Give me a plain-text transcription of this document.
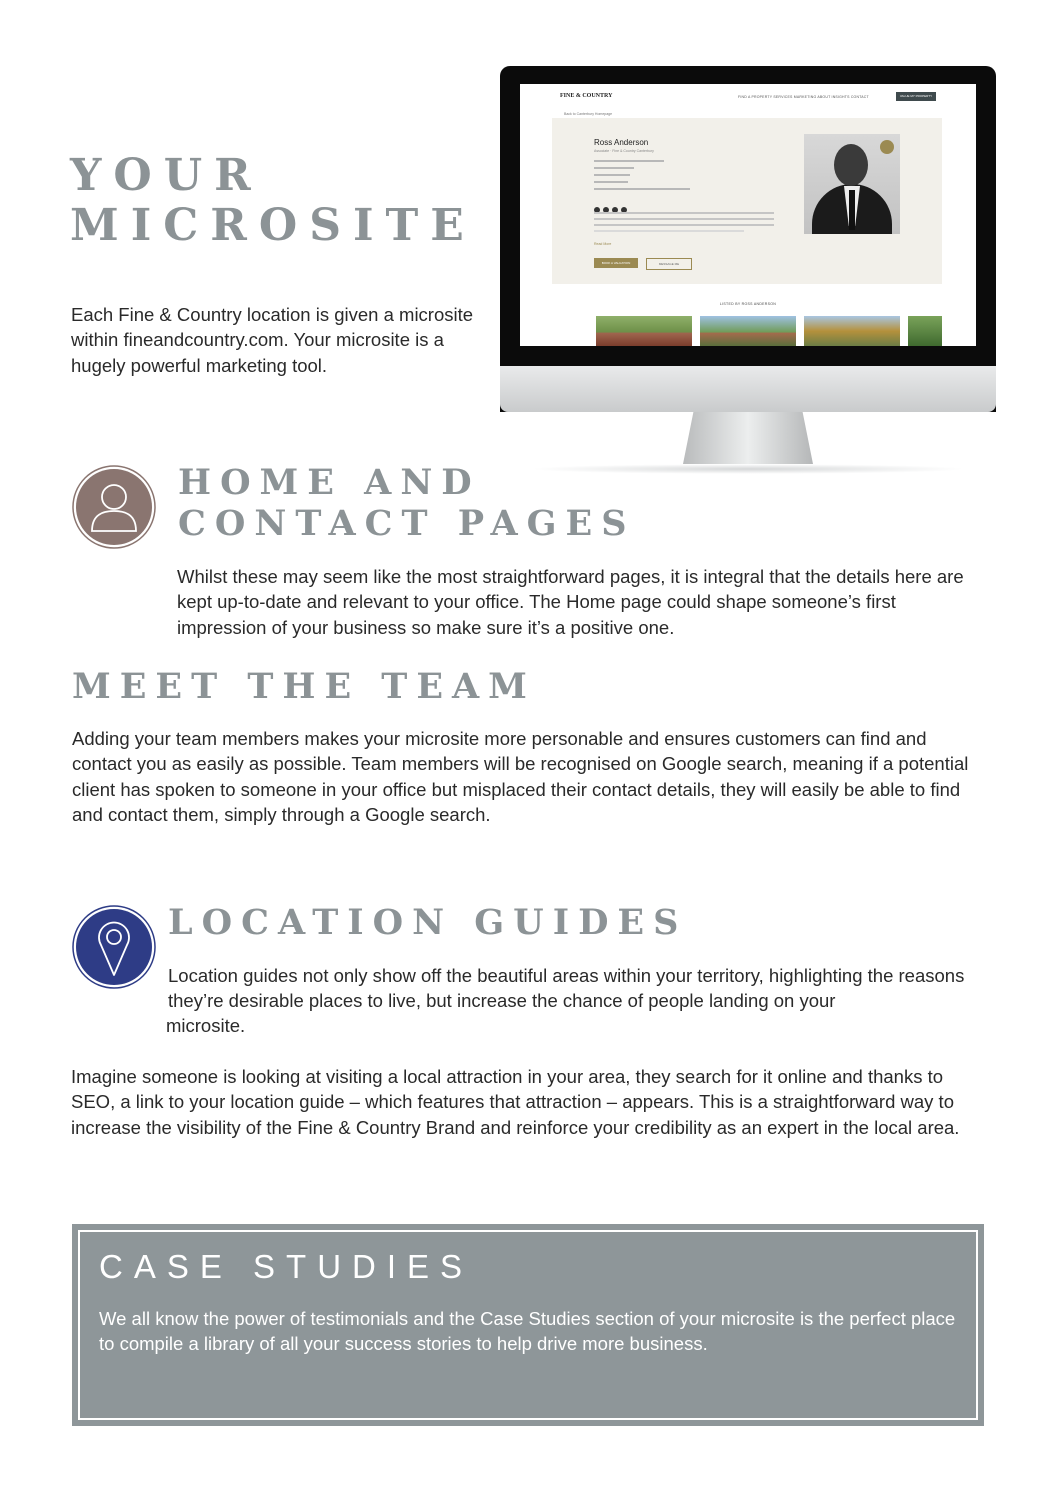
YOUR
MICROSITE
Each Fine & Country location is given a microsite within fineandcountry.com. Your microsite is a hugely powerful marketing tool.
FINE & COUNTRY	FIND A PROPERTY SERVICES MARKETING ABOUT INSIGHTS CONTACT	VALUE MY PROPERTY
Back to Canterbury Homepage
Ross Anderson
Associate · Fine & Country Canterbury
Read More
BOOK A VALUATION	MESSAGE ME
LISTED BY ROSS ANDERSON
HOME AND
CONTACT PAGES
Whilst these may seem like the most straightforward pages, it is integral that the details here are kept up-to-date and relevant to your office. The Home page could shape someone’s first impression of your business so make sure it’s a positive one.
MEET THE TEAM
Adding your team members makes your microsite more personable and ensures customers can find and contact you as easily as possible. Team members will be recognised on Google search, meaning if a potential client has spoken to someone in your office but misplaced their contact details, they will easily be able to find and contact them, simply through a Google search.
LOCATION GUIDES
Location guides not only show off the beautiful areas within your territory, highlighting the reasons they’re desirable places to live, but increase the chance of people landing on your
microsite.
Imagine someone is looking at visiting a local attraction in your area, they search for it online and thanks to SEO, a link to your location guide – which features that attraction – appears. This is a straightforward way to increase the visibility of the Fine & Country Brand and reinforce your credibility as an expert in the local area.
CASE STUDIES
We all know the power of testimonials and the Case Studies section of your microsite is the perfect place to compile a library of all your success stories to help drive more business.
